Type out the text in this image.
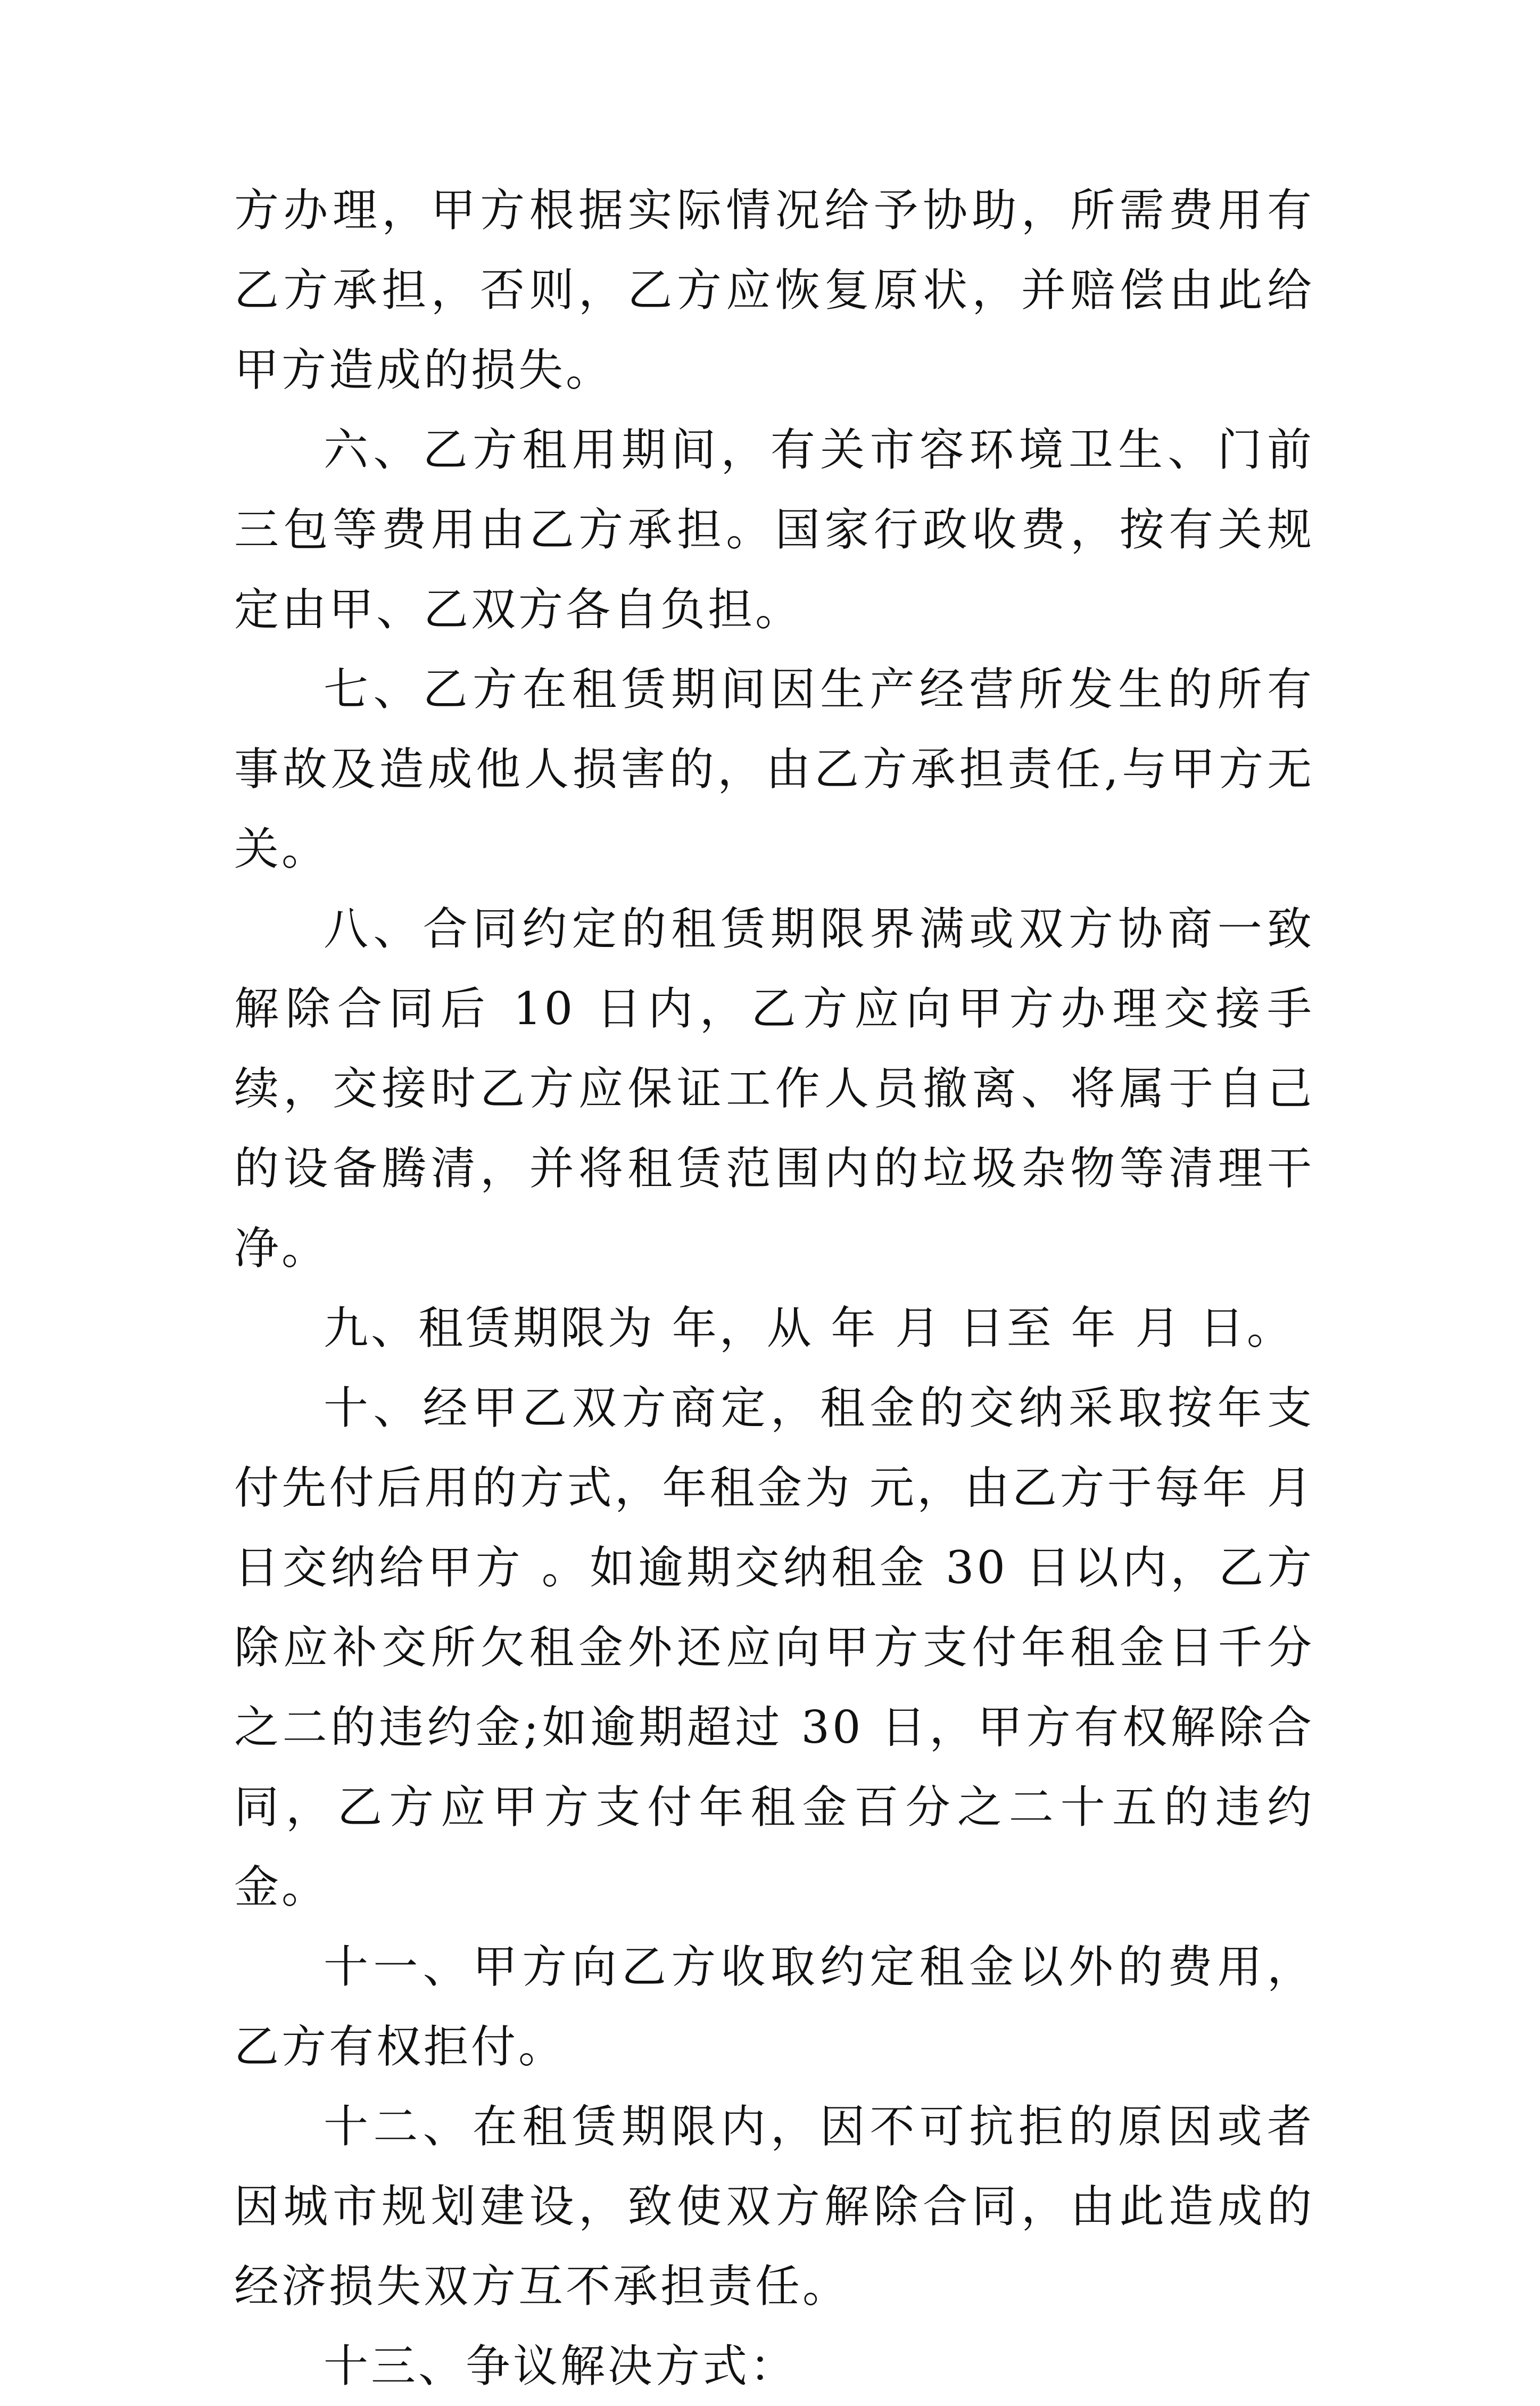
方办理，甲方根据实际情况给予协助，所需费用有乙方承担，否则，乙方应恢复原状，并赔偿由此给甲方造成的损失。

六、乙方租用期间，有关市容环境卫生、门前三包等费用由乙方承担。国家行政收费，按有关规定由甲、乙双方各自负担。

七、乙方在租赁期间因生产经营所发生的所有事故及造成他人损害的，由乙方承担责任,与甲方无关。

八、合同约定的租赁期限界满或双方协商一致解除合同后 10 日内，乙方应向甲方办理交接手续，交接时乙方应保证工作人员撤离、将属于自己的设备腾清，并将租赁范围内的垃圾杂物等清理干净。

九、租赁期限为 年，从 年 月 日至 年 月 日。

十、经甲乙双方商定，租金的交纳采取按年支付先付后用的方式，年租金为 元，由乙方于每年 月 日交纳给甲方 。如逾期交纳租金 30 日以内，乙方除应补交所欠租金外还应向甲方支付年租金日千分之二的违约金;如逾期超过 30 日，甲方有权解除合同，乙方应甲方支付年租金百分之二十五的违约金。

十一、甲方向乙方收取约定租金以外的费用，乙方有权拒付。

十二、在租赁期限内，因不可抗拒的原因或者因城市规划建设，致使双方解除合同，由此造成的经济损失双方互不承担责任。

十三、争议解决方式：
